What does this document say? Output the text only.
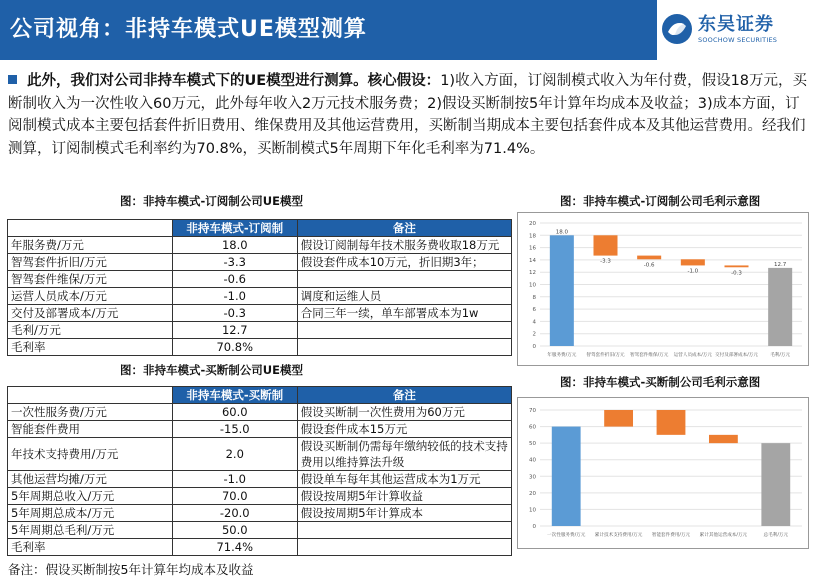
公司视角：非持车模式UE模型测算	东吴证券
SOOCHOW SECURITIES
此外，我们对公司非持车模式下的UE模型进行测算。核心假设：1)收入方面，订阅制模式收入为年付费，假设18万元，买断制收入为一次性收入60万元，此外每年收入2万元技术服务费；2)假设买断制按5年计算年均成本及收益；3)成本方面，订阅制模式成本主要包括套件折旧费用、维保费用及其他运营费用，买断制当期成本主要包括套件成本及其他运营费用。经我们测算，订阅制模式毛利率约为70.8%，买断制模式5年周期下年化毛利率为71.4%。
图：非持车模式-订阅制公司UE模型
	非持车模式-订阅制	备注
年服务费/万元	18.0	假设订阅制每年技术服务费收取18万元
智驾套件折旧/万元	-3.3	假设套件成本10万元，折旧期3年；
智驾套件维保/万元	-0.6	
运营人员成本/万元	-1.0	调度和运维人员
交付及部署成本/万元	-0.3	合同三年一续，单车部署成本为1w
毛利/万元	12.7	
毛利率	70.8%	
图：非持车模式-买断制公司UE模型
	非持车模式-买断制	备注
一次性服务费/万元	60.0	假设买断制一次性费用为60万元
智能套件费用	-15.0	假设套件成本15万元
年技术支持费用/万元	2.0	假设买断制仍需每年缴纳较低的技术支持费用以维持算法升级
其他运营均摊/万元	-1.0	假设单车每年其他运营成本为1万元
5年周期总收入/万元	70.0	假设按周期5年计算收益
5年周期总成本/万元	-20.0	假设按周期5年计算成本
5年周期总毛利/万元	50.0	
毛利率	71.4%	
图：非持车模式-订阅制公司毛利示意图
0
2
4
6
8
10
12
14
16
18
20
18.0
年服务费/万元
-3.3
智驾套件折旧/万元
-0.6
智驾套件维保/万元
-1.0
运营人员成本/万元
-0.3
交付及部署成本/万元
12.7
毛利/万元
图：非持车模式-买断制公司毛利示意图
0
10
20
30
40
50
60
70
一次性服务费/万元 累计技术支持费用/万元 智能套件费用/万元 累计其他运营成本/万元	总毛利/万元
备注：假设买断制按5年计算年均成本及收益
